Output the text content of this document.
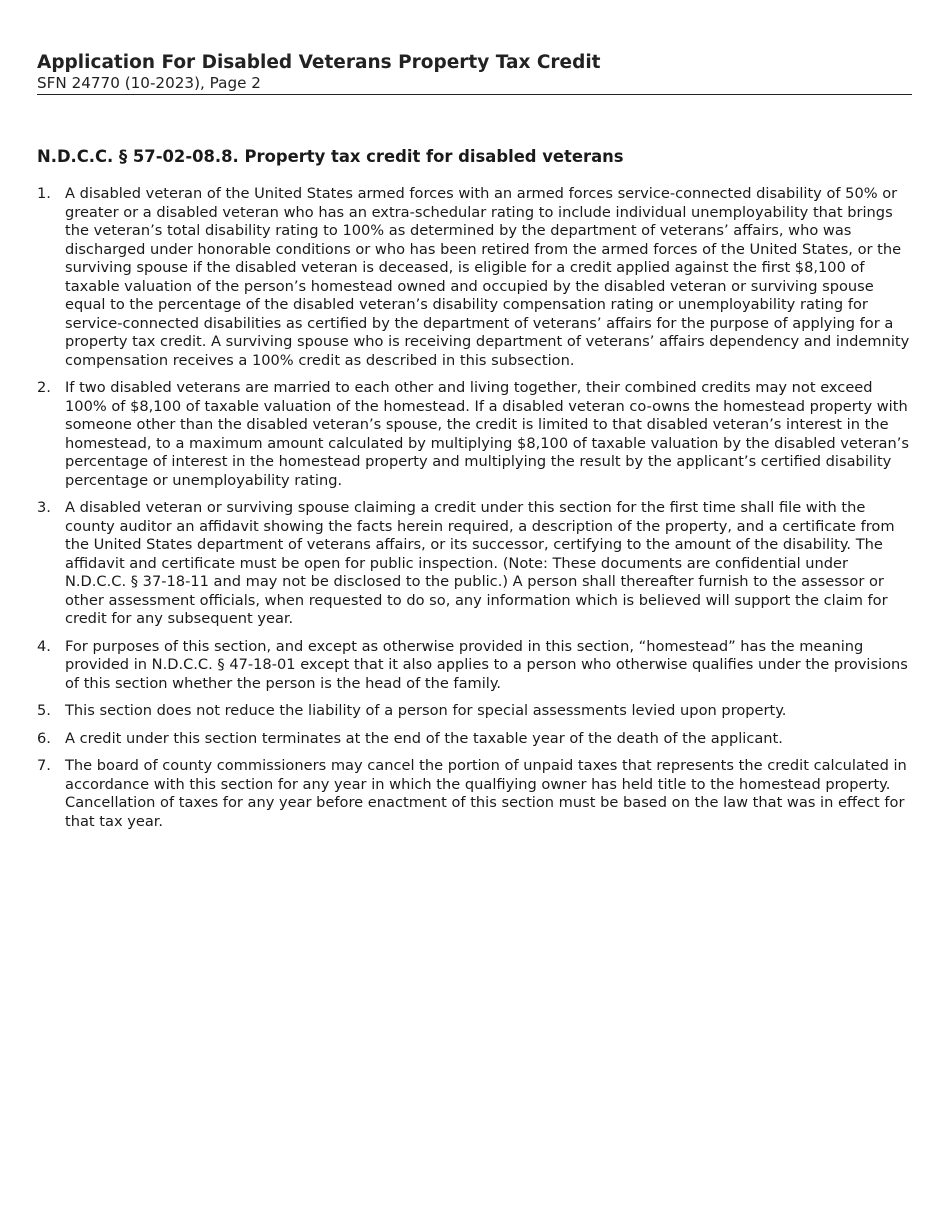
Application For Disabled Veterans Property Tax Credit

SFN 24770 (10-2023), Page 2

N.D.C.C. § 57-02-08.8. Property tax credit for disabled veterans
1. A disabled veteran of the United States armed forces with an armed forces service-connected disability of 50% or greater or a disabled veteran who has an extra-schedular rating to include individual unemployability that brings the veteran’s total disability rating to 100% as determined by the department of veterans’ affairs, who was discharged under honorable conditions or who has been retired from the armed forces of the United States, or the surviving spouse if the disabled veteran is deceased, is eligible for a credit applied against the first $8,100 of taxable valuation of the person’s homestead owned and occupied by the disabled veteran or surviving spouse equal to the percentage of the disabled veteran’s disability compensation rating or unemployability rating for service-connected disabilities as certified by the department of veterans’ affairs for the purpose of applying for a property tax credit. A surviving spouse who is receiving department of veterans’ affairs dependency and indemnity compensation receives a 100% credit as described in this subsection.
2. If two disabled veterans are married to each other and living together, their combined credits may not exceed 100% of $8,100 of taxable valuation of the homestead. If a disabled veteran co-owns the homestead property with someone other than the disabled veteran’s spouse, the credit is limited to that disabled veteran’s interest in the homestead, to a maximum amount calculated by multiplying $8,100 of taxable valuation by the disabled veteran’s percentage of interest in the homestead property and multiplying the result by the applicant’s certified disability percentage or unemployability rating.
3. A disabled veteran or surviving spouse claiming a credit under this section for the first time shall file with the county auditor an affidavit showing the facts herein required, a description of the property, and a certificate from the United States department of veterans affairs, or its successor, certifying to the amount of the disability. The affidavit and certificate must be open for public inspection. (Note: These documents are confidential under N.D.C.C. § 37-18-11 and may not be disclosed to the public.) A person shall thereafter furnish to the assessor or other assessment officials, when requested to do so, any information which is believed will support the claim for credit for any subsequent year.
4. For purposes of this section, and except as otherwise provided in this section, “homestead” has the meaning provided in N.D.C.C. § 47-18-01 except that it also applies to a person who otherwise qualifies under the provisions of this section whether the person is the head of the family.
5. This section does not reduce the liability of a person for special assessments levied upon property.
6. A credit under this section terminates at the end of the taxable year of the death of the applicant.
7. The board of county commissioners may cancel the portion of unpaid taxes that represents the credit calculated in accordance with this section for any year in which the qualfiying owner has held title to the homestead property. Cancellation of taxes for any year before enactment of this section must be based on the law that was in effect for that tax year.
